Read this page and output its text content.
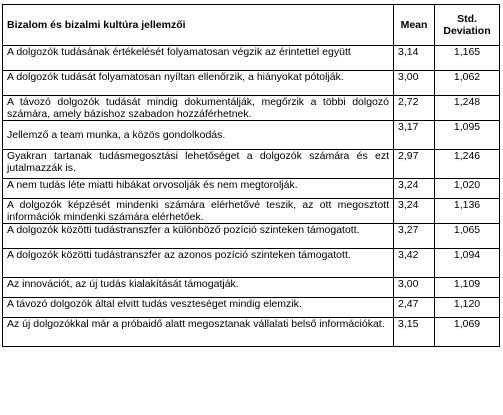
Bizalom és bizalmi kultúra jellemzői	Mean	Std. Deviation
A dolgozók tudásának értékelését folyamatosan végzik az érintettel együtt	3,14	1,165
A dolgozók tudását folyamatosan nyíltan ellenőrzik, a hiányokat pótolják.	3,00	1,062
A távozó dolgozók tudását mindig dokumentálják, megőrzik a többi dolgozó számára, amely bázishoz szabadon hozzáférhetnek.	2,72	1,248
Jellemző a team munka, a közös gondolkodás.	3,17	1,095
Gyakran tartanak tudásmegosztási lehetőséget a dolgozók számára és ezt jutalmazzák is.	2,97	1,246
A nem tudás léte miatti hibákat orvosolják és nem megtorolják.	3,24	1,020
A dolgozók képzését mindenki számára elérhetővé teszik, az ott megosztott információk mindenki számára elérhetőek.	3,24	1,136
A dolgozók közötti tudástranszfer a különböző pozíció szinteken támogatott.	3,27	1,065
A dolgozók közötti tudástranszfer az azonos pozíció szinteken támogatott.	3,42	1,094
Az innovációt, az új tudás kialakítását támogatják.	3,00	1,109
A távozó dolgozók által elvitt tudás veszteséget mindig elemzik.	2,47	1,120
Az új dolgozókkal már a próbaidő alatt megosztanak vállalati belső információkat.	3,15	1,069
